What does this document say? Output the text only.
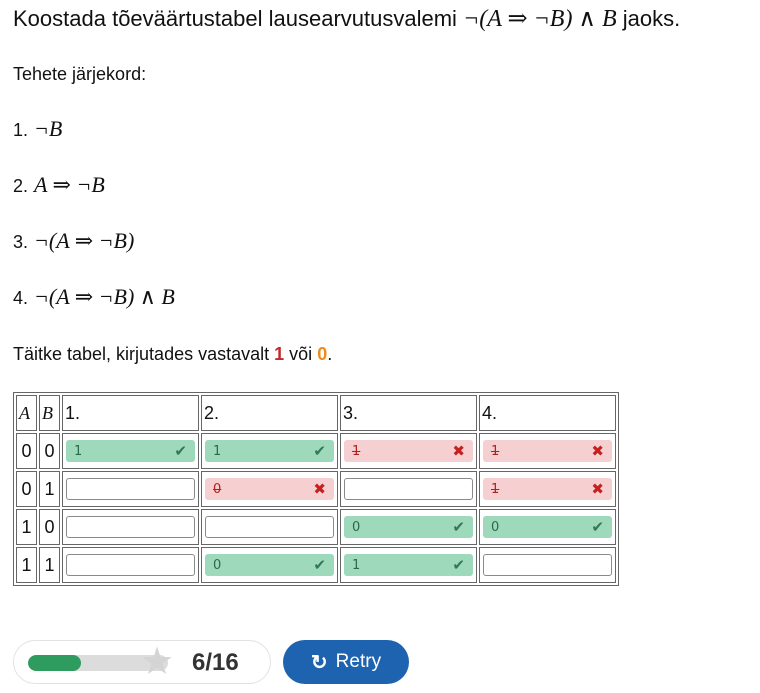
Koostada tõeväärtustabel lausearvutusvalemi ¬(A ⇒ ¬B) ∧ B jaoks.
Tehete järjekord:
1. ¬B
2. A ⇒ ¬B
3. ¬(A ⇒ ¬B)
4. ¬(A ⇒ ¬B) ∧ B
Täitke tabel, kirjutades vastavalt 1 või 0.
A	B	1.	2.	3.	4.
0	0	1 ✔	1 ✔	1 ✖	1 ✖

0	1		0 ✖		1 ✖

1	0			0 ✔	0 ✔

1	1		0 ✔	1 ✔	

★ 6/16	↻ Retry
